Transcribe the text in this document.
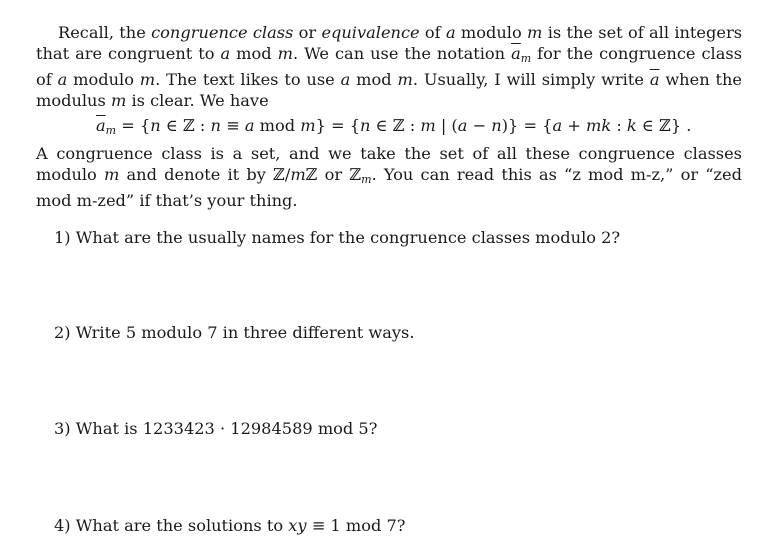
Recall, the congruence class or equivalence of a modulo m is the set of all integers that are congruent to a mod m. We can use the notation $\overline{a}_m$ for the congruence class of a modulo m. The text likes to use a mod m. Usually, I will simply write $\overline{a}$ when the modulus m is clear. We have

$\overline{a}_m = \{n$ ∈ ℤ : n ≡ a mod m} = {n ∈ ℤ : m | (a − n)} = {a + mk : k ∈ ℤ} .

A congruence class is a set, and we take the set of all these congruence classes modulo m and denote it by ℤ/mℤ or ℤ$_m$. You can read this as “z mod m-z,” or “zed mod m-zed” if that’s your thing.

1) What are the usually names for the congruence classes modulo 2?
2) Write 5 modulo 7 in three different ways.
3) What is 1233423 · 12984589 mod 5?
4) What are the solutions to xy ≡ 1 mod 7?
